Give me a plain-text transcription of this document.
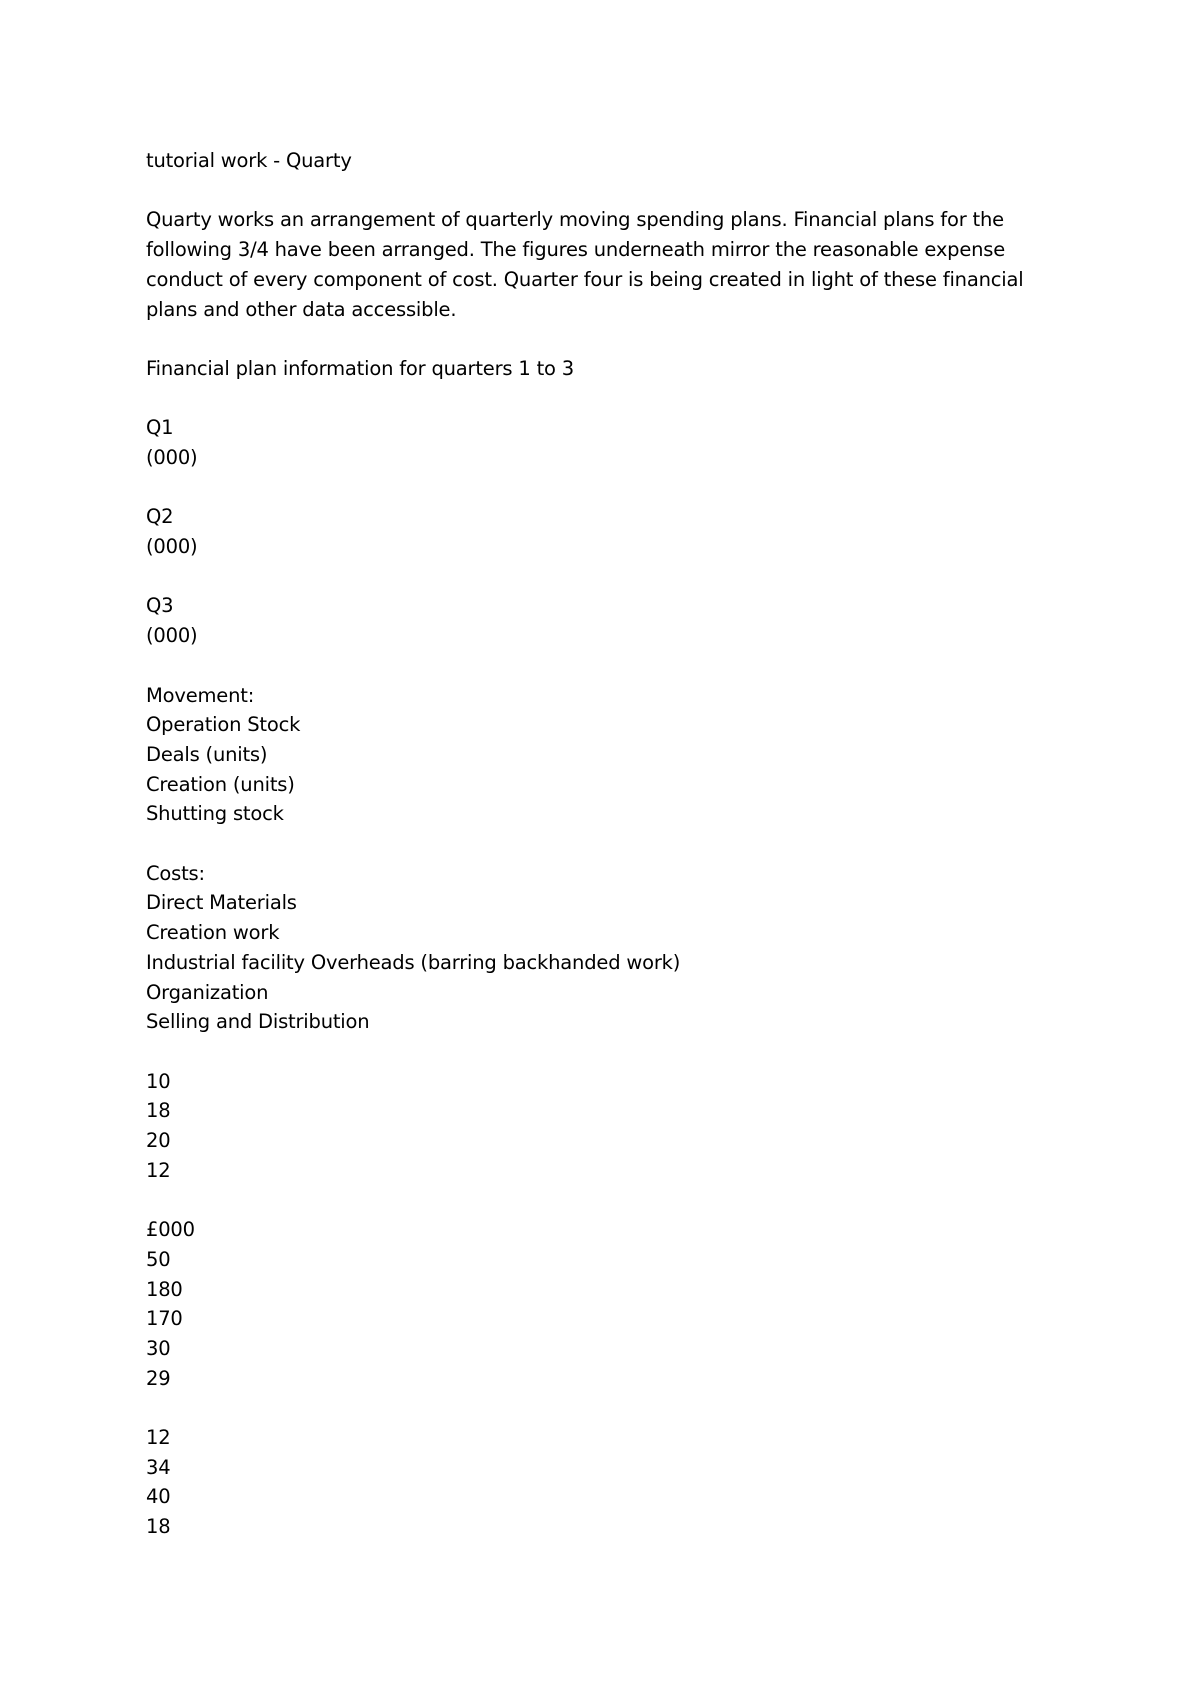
tutorial work - Quarty
Quarty works an arrangement of quarterly moving spending plans. Financial plans for the
following 3/4 have been arranged. The figures underneath mirror the reasonable expense
conduct of every component of cost. Quarter four is being created in light of these financial
plans and other data accessible.
Financial plan information for quarters 1 to 3
Q1
(000)
Q2
(000)
Q3
(000)
Movement:
Operation Stock
Deals (units)
Creation (units)
Shutting stock
Costs:
Direct Materials
Creation work
Industrial facility Overheads (barring backhanded work)
Organization
Selling and Distribution
10
18
20
12
£000
50
180
170
30
29
12
34
40
18
